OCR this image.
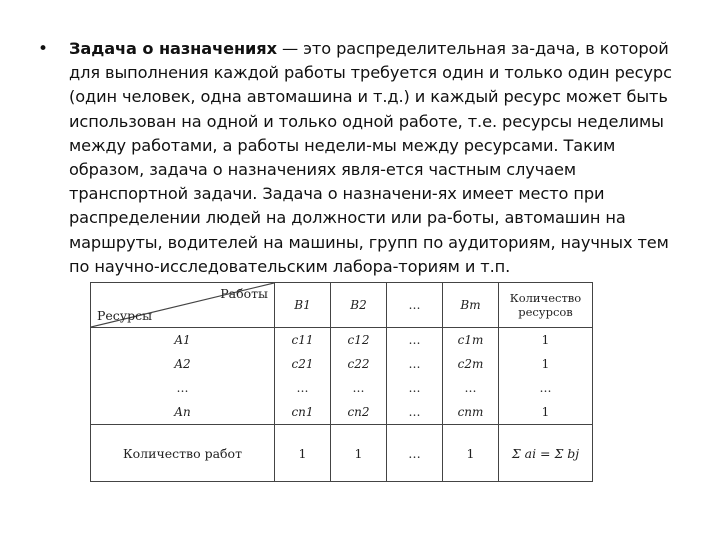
• Задача о назначениях — это распределительная за-дача, в которой для выполнения каждой работы требуется один и только один ресурс (один человек, одна автомашина и т.д.) и каждый ресурс может быть использован на одной и только одной работе, т.е. ресурсы неделимы между работами, а работы недели-мы между ресурсами. Таким образом, задача о назначениях явля-ется частным случаем транспортной задачи. Задача о назначени-ях имеет место при распределении людей на должности или ра-боты, автомашин на маршруты, водителей на машины, групп по аудиториям, научных тем по научно-исследовательским лабора-ториям и т.п.
Работы
Ресурсы	B1	B2	…	Bm	Количество
ресурсов
A1	c11	c12	…	c1m	1
A2	c21	c22	…	c2m	1
…	…	…	…	…	…
An	cn1	cn2	…	cnm	1
Количество работ	1	1	…	1	Σ ai = Σ bj
